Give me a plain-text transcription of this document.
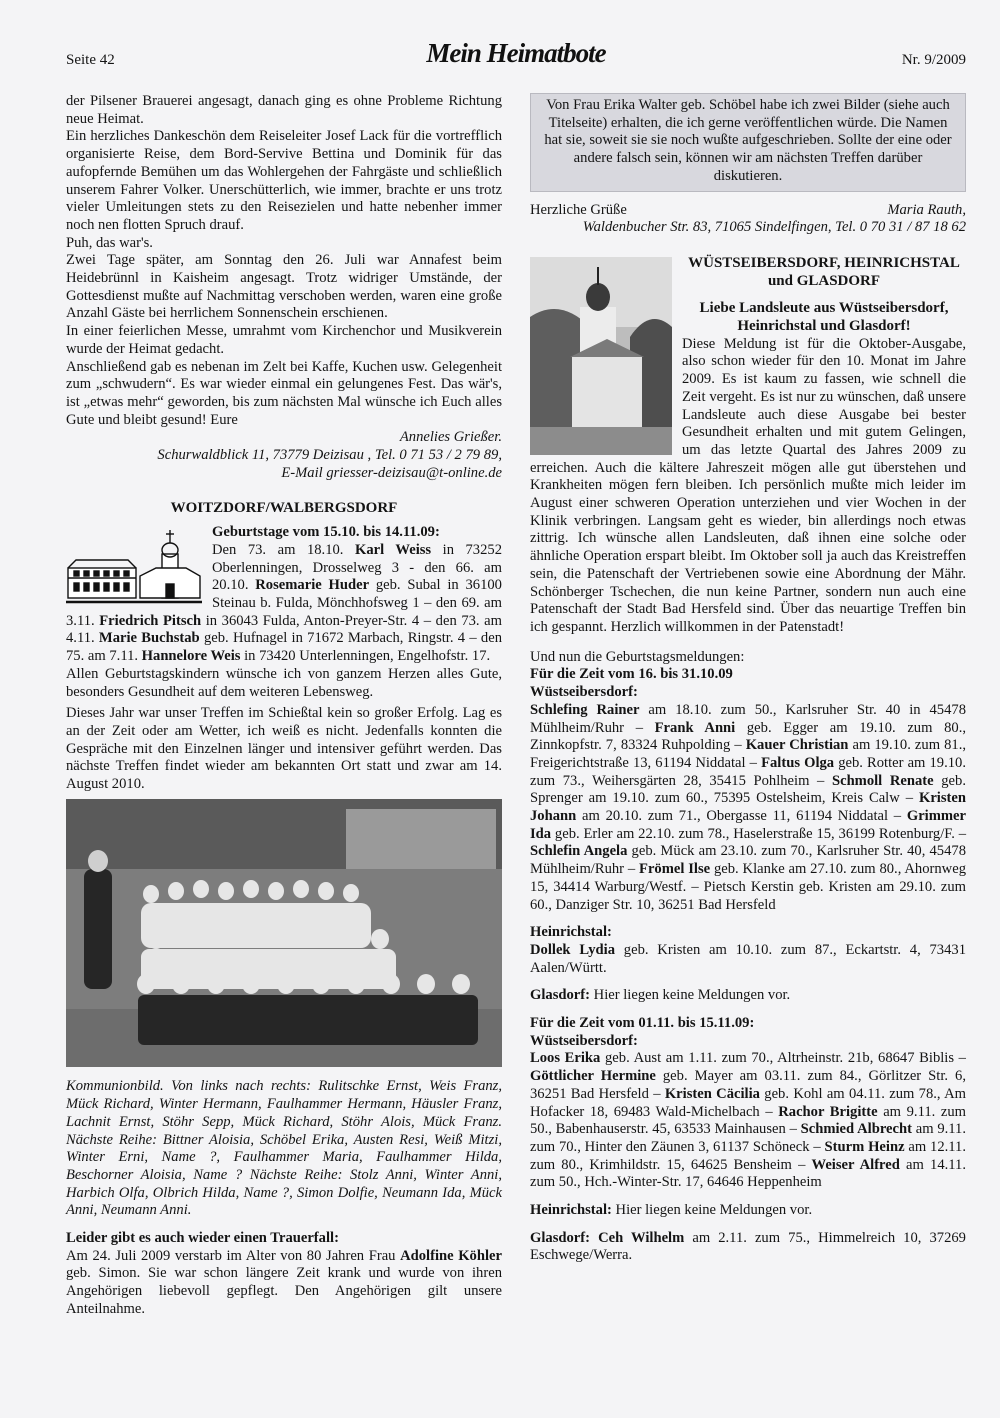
Seite 42	Mein Heimatbote	Nr. 9/2009

der Pilsener Brauerei angesagt, danach ging es ohne Probleme Richtung neue Heimat.

Ein herzliches Dankeschön dem Reiseleiter Josef Lack für die vortrefflich organisierte Reise, dem Bord-Servive Bettina und Dominik für das aufopfernde Bemühen um das Wohlergehen der Fahrgäste und schließlich unserem Fahrer Volker. Unerschütterlich, wie immer, brachte er uns trotz vieler Umleitungen stets zu den Reisezielen und hatte nebenher immer noch nen flotten Spruch drauf.

Puh, das war's.

Zwei Tage später, am Sonntag den 26. Juli war Annafest beim Heidebrünnl in Kaisheim angesagt. Trotz widriger Umstände, der Gottesdienst mußte auf Nachmittag verschoben werden, waren eine große Anzahl Gäste bei herrlichem Sonnenschein erschienen.

In einer feierlichen Messe, umrahmt vom Kirchenchor und Musikverein wurde der Heimat gedacht.

Anschließend gab es nebenan im Zelt bei Kaffe, Kuchen usw. Gelegenheit zum „schwudern“. Es war wieder einmal ein gelungenes Fest. Das wär's, ist „etwas mehr“ geworden, bis zum nächsten Mal wünsche ich Euch alles Gute und bleibt gesund! Eure

Annelies Grießer.

Schurwaldblick 11, 73779 Deizisau , Tel. 0 71 53 / 2 79 89,

E-Mail griesser-deizisau@t-online.de

WOITZDORF/WALBERGSDORF

Geburtstage vom 15.10. bis 14.11.09:

Den 73. am 18.10. Karl Weiss in 73252 Oberlenningen, Drosselweg 3 - den 66. am 20.10. Rosemarie Huder geb. Subal in 36100 Steinau b. Fulda, Mönchhofsweg 1 – den 69. am 3.11. Friedrich Pitsch in 36043 Fulda, Anton-Preyer-Str. 4 – den 73. am 4.11. Marie Buchstab geb. Hufnagel in 71672 Marbach, Ringstr. 4 – den 75. am 7.11. Hannelore Weis in 73420 Unterlenningen, Engelhofstr. 17.

Allen Geburtstagskindern wünsche ich von ganzem Herzen alles Gute, besonders Gesundheit auf dem weiteren Lebensweg.

Dieses Jahr war unser Treffen im Schießtal kein so großer Erfolg. Lag es an der Zeit oder am Wetter, ich weiß es nicht. Jedenfalls konnten die Gespräche mit den Einzelnen länger und intensiver geführt werden. Das nächste Treffen findet wieder am bekannten Ort statt und zwar am 14. August 2010.

Kommunionbild. Von links nach rechts: Rulitschke Ernst, Weis Franz, Mück Richard, Winter Hermann, Faulhammer Hermann, Häusler Franz, Lachnit Ernst, Stöhr Sepp, Mück Richard, Stöhr Alois, Mück Franz. Nächste Reihe: Bittner Aloisia, Schöbel Erika, Austen Resi, Weiß Mitzi, Winter Erni, Name ?, Faulhammer Maria, Faulhammer Hilda, Beschorner Aloisia, Name ? Nächste Reihe: Stolz Anni, Winter Anni, Harbich Olfa, Olbrich Hilda, Name ?, Simon Dolfie, Neumann Ida, Mück Anni, Neumann Anni.

Leider gibt es auch wieder einen Trauerfall:

Am 24. Juli 2009 verstarb im Alter von 80 Jahren Frau Adolfine Köhler geb. Simon. Sie war schon längere Zeit krank und wurde von ihren Angehörigen liebevoll gepflegt. Den Angehörigen gilt unsere Anteilnahme.

Von Frau Erika Walter geb. Schöbel habe ich zwei Bilder (siehe auch Titelseite) erhalten, die ich gerne veröffentlichen würde. Die Namen hat sie, soweit sie sie noch wußte aufgeschrieben. Sollte der eine oder andere falsch sein, können wir am nächsten Treffen darüber diskutieren.

Herzliche Grüße	Maria Rauth,

Waldenbucher Str. 83, 71065 Sindelfingen, Tel. 0 70 31 / 87 18 62

WÜSTSEIBERSDORF, HEINRICHSTAL und GLASDORF

Liebe Landsleute aus Wüstseibersdorf, Heinrichstal und Glasdorf!

Diese Meldung ist für die Oktober-Ausgabe, also schon wieder für den 10. Monat im Jahre 2009. Es ist kaum zu fassen, wie schnell die Zeit vergeht. Es ist nur zu wünschen, daß unsere Landsleute auch diese Ausgabe bei bester Gesundheit erhalten und mit gutem Gelingen, um das letzte Quartal des Jahres 2009 zu erreichen. Auch die kältere Jahreszeit mögen alle gut überstehen und Krankheiten mögen fern bleiben. Ich persönlich mußte mich leider im August einer schweren Operation unterziehen und vier Wochen in der Klinik verbringen. Langsam geht es wieder, bin allerdings noch etwas zittrig. Ich wünsche allen Landsleuten, daß ihnen eine solche oder ähnliche Operation erspart bleibt. Im Oktober soll ja auch das Kreistreffen sein, die Patenschaft der Vertriebenen sowie eine Abordnung der Mähr. Schönberger Tschechen, die nun keine Partner, sondern nun auch eine Patenschaft der Stadt Bad Hersfeld sind. Über das neuartige Treffen bin ich gespannt. Herzlich willkommen in der Patenstadt!

Und nun die Geburtstagsmeldungen:

Für die Zeit vom 16. bis 31.10.09

Wüstseibersdorf:

Schlefing Rainer am 18.10. zum 50., Karlsruher Str. 40 in 45478 Mühlheim/Ruhr – Frank Anni geb. Egger am 19.10. zum 80., Zinnkopfstr. 7, 83324 Ruhpolding – Kauer Christian am 19.10. zum 81., Freigerichtstraße 13, 61194 Niddatal – Faltus Olga geb. Rotter am 19.10. zum 73., Weihersgärten 28, 35415 Pohlheim – Schmoll Renate geb. Sprenger am 19.10. zum 60., 75395 Ostelsheim, Kreis Calw – Kristen Johann am 20.10. zum 71., Obergasse 11, 61194 Niddatal – Grimmer Ida geb. Erler am 22.10. zum 78., Haselerstraße 15, 36199 Rotenburg/F. – Schlefin Angela geb. Mück am 23.10. zum 70., Karlsruher Str. 40, 45478 Mühlheim/Ruhr – Frömel Ilse geb. Klanke am 27.10. zum 80., Ahornweg 15, 34414 Warburg/Westf. – Pietsch Kerstin geb. Kristen am 29.10. zum 60., Danziger Str. 10, 36251 Bad Hersfeld

Heinrichstal:

Dollek Lydia geb. Kristen am 10.10. zum 87., Eckartstr. 4, 73431 Aalen/Württ.

Glasdorf: Hier liegen keine Meldungen vor.

Für die Zeit vom 01.11. bis 15.11.09:

Wüstseibersdorf:

Loos Erika geb. Aust am 1.11. zum 70., Altrheinstr. 21b, 68647 Biblis – Göttlicher Hermine geb. Mayer am 03.11. zum 84., Görlitzer Str. 6, 36251 Bad Hersfeld – Kristen Cäcilia geb. Kohl am 04.11. zum 78., Am Hofacker 18, 69483 Wald-Michelbach – Rachor Brigitte am 9.11. zum 50., Babenhauserstr. 45, 63533 Mainhausen – Schmied Albrecht am 9.11. zum 70., Hinter den Zäunen 3, 61137 Schöneck – Sturm Heinz am 12.11. zum 80., Krimhildstr. 15, 64625 Bensheim – Weiser Alfred am 14.11. zum 50., Hch.-Winter-Str. 17, 64646 Heppenheim

Heinrichstal: Hier liegen keine Meldungen vor.

Glasdorf: Ceh Wilhelm am 2.11. zum 75., Himmelreich 10, 37269 Eschwege/Werra.
